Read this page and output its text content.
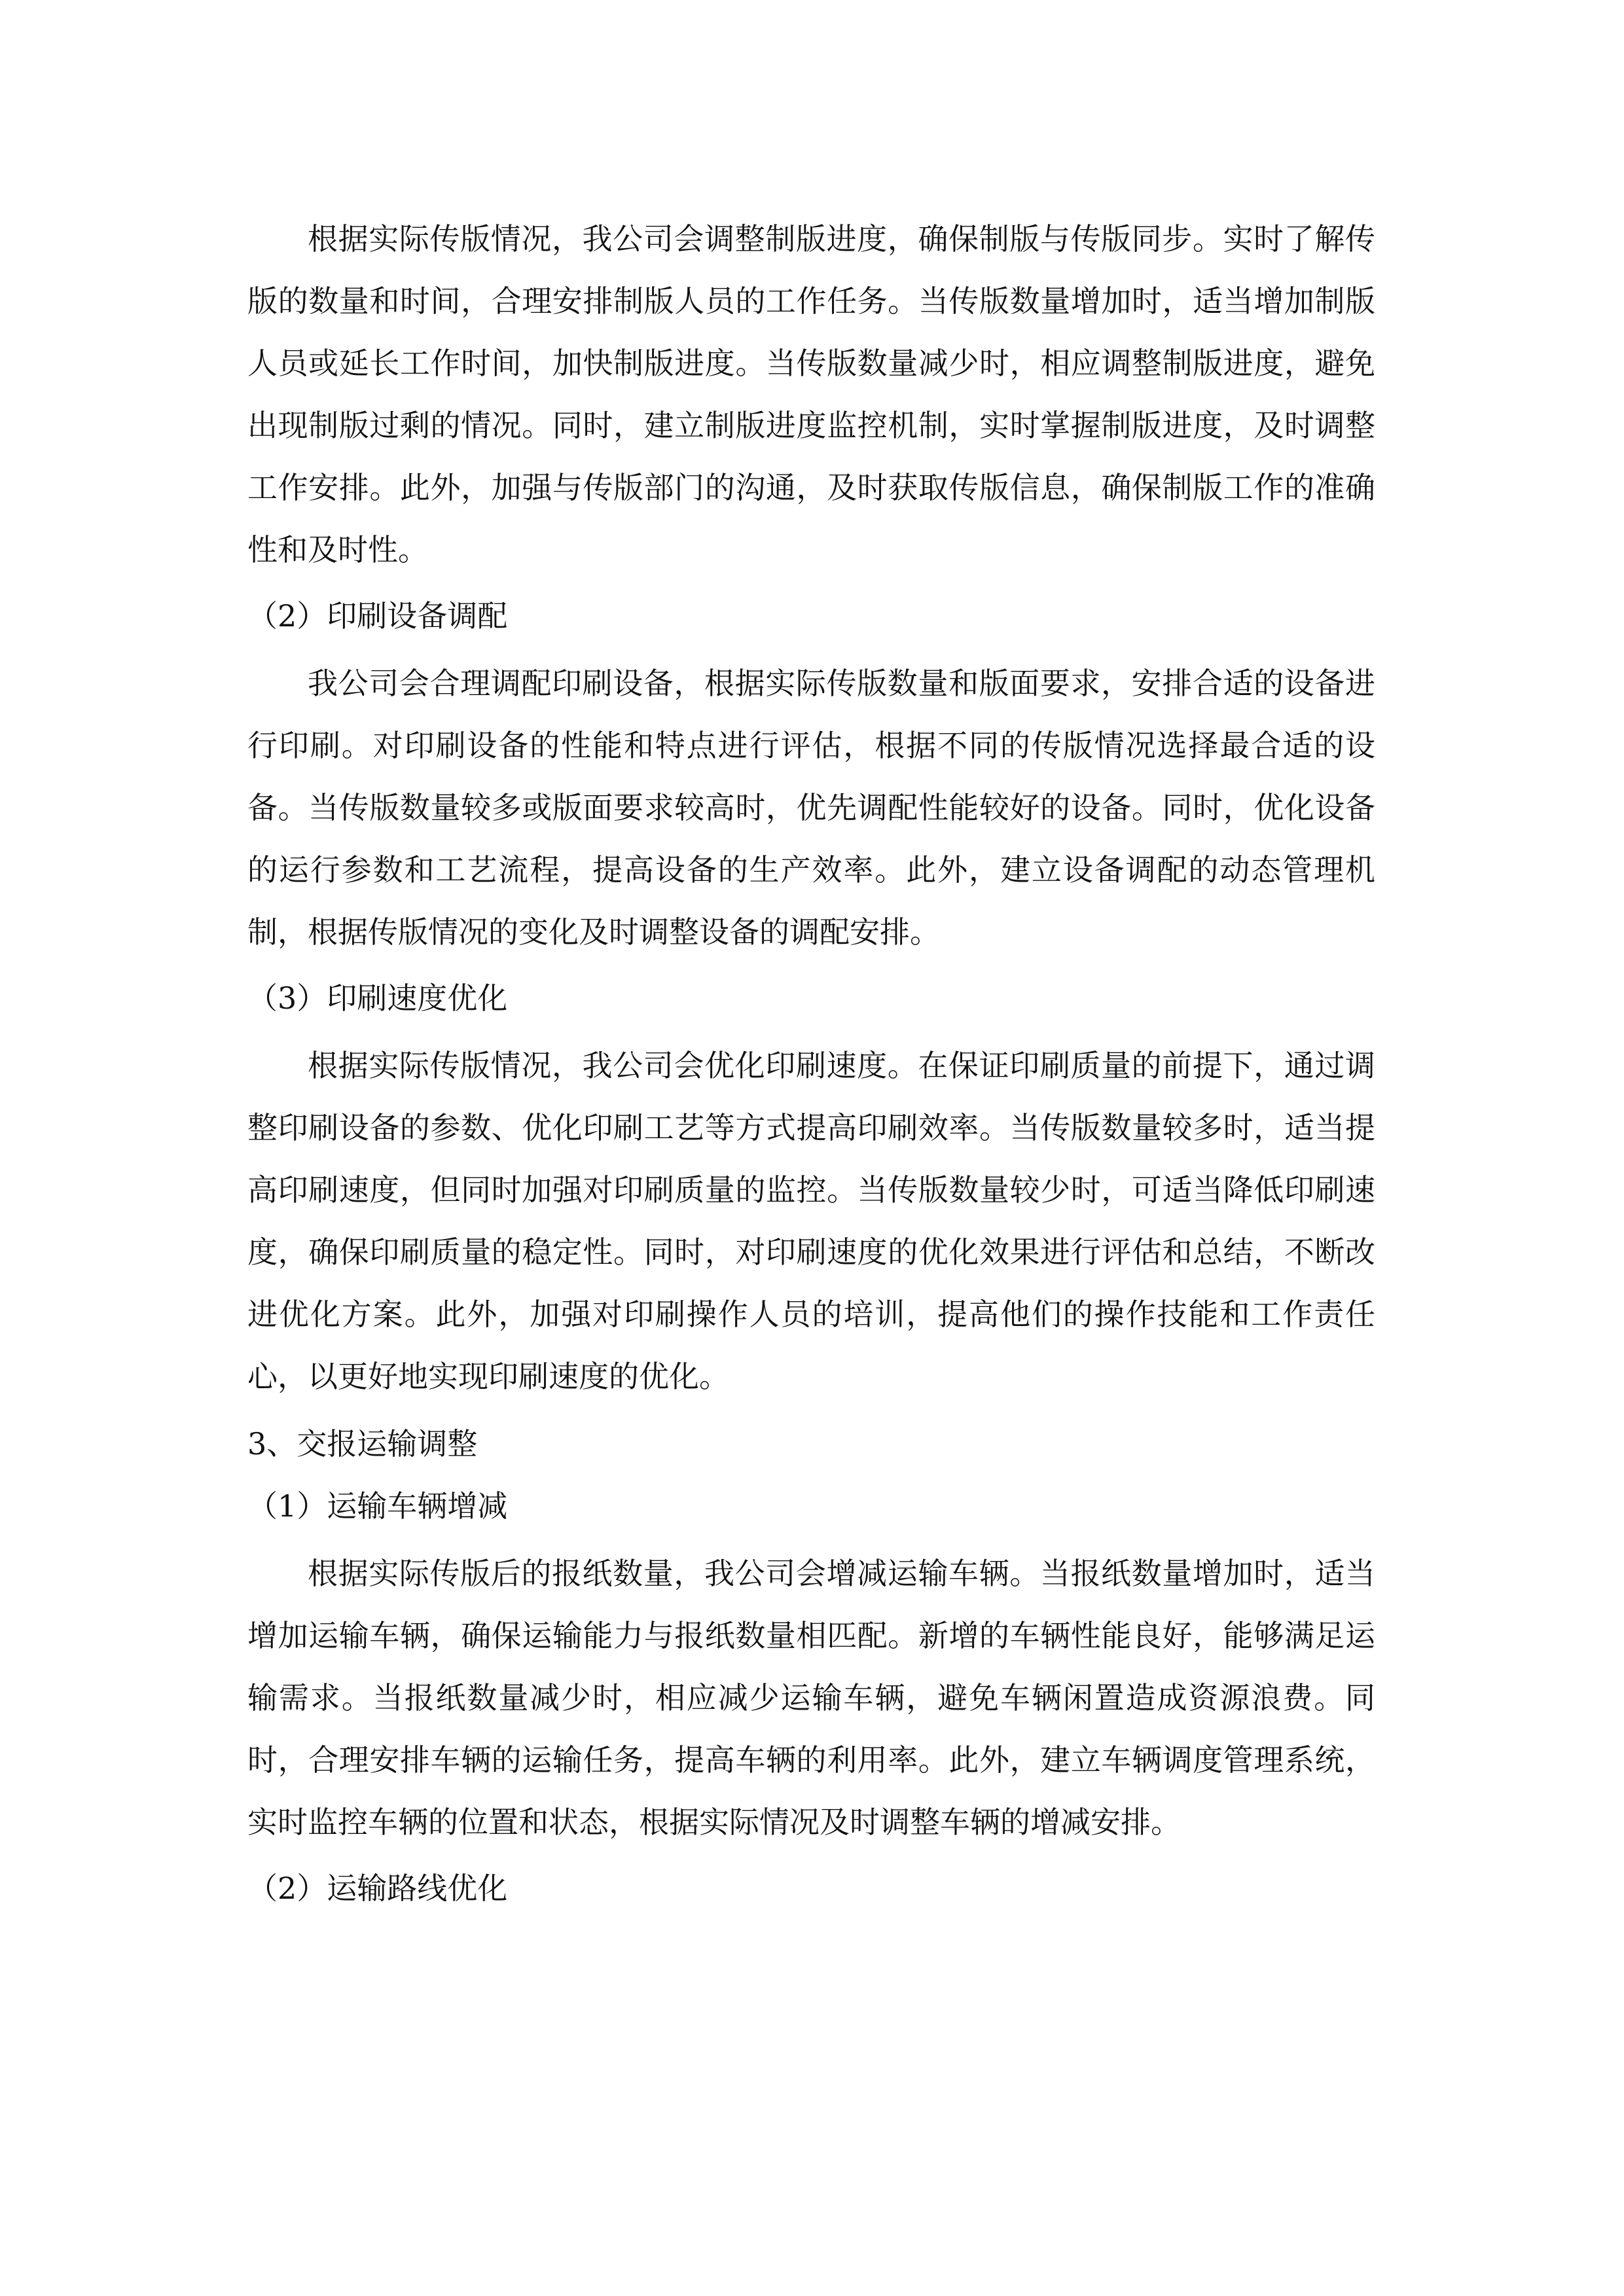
根据实际传版情况，我公司会调整制版进度，确保制版与传版同步。实时了解传版的数量和时间，合理安排制版人员的工作任务。当传版数量增加时，适当增加制版人员或延长工作时间，加快制版进度。当传版数量减少时，相应调整制版进度，避免出现制版过剩的情况。同时，建立制版进度监控机制，实时掌握制版进度，及时调整工作安排。此外，加强与传版部门的沟通，及时获取传版信息，确保制版工作的准确性和及时性。

（2）印刷设备调配

我公司会合理调配印刷设备，根据实际传版数量和版面要求，安排合适的设备进行印刷。对印刷设备的性能和特点进行评估，根据不同的传版情况选择最合适的设备。当传版数量较多或版面要求较高时，优先调配性能较好的设备。同时，优化设备的运行参数和工艺流程，提高设备的生产效率。此外，建立设备调配的动态管理机制，根据传版情况的变化及时调整设备的调配安排。

（3）印刷速度优化

根据实际传版情况，我公司会优化印刷速度。在保证印刷质量的前提下，通过调整印刷设备的参数、优化印刷工艺等方式提高印刷效率。当传版数量较多时，适当提高印刷速度，但同时加强对印刷质量的监控。当传版数量较少时，可适当降低印刷速度，确保印刷质量的稳定性。同时，对印刷速度的优化效果进行评估和总结，不断改进优化方案。此外，加强对印刷操作人员的培训，提高他们的操作技能和工作责任心，以更好地实现印刷速度的优化。

3、交报运输调整

（1）运输车辆增减

根据实际传版后的报纸数量，我公司会增减运输车辆。当报纸数量增加时，适当增加运输车辆，确保运输能力与报纸数量相匹配。新增的车辆性能良好，能够满足运输需求。当报纸数量减少时，相应减少运输车辆，避免车辆闲置造成资源浪费。同时，合理安排车辆的运输任务，提高车辆的利用率。此外，建立车辆调度管理系统，实时监控车辆的位置和状态，根据实际情况及时调整车辆的增减安排。

（2）运输路线优化
